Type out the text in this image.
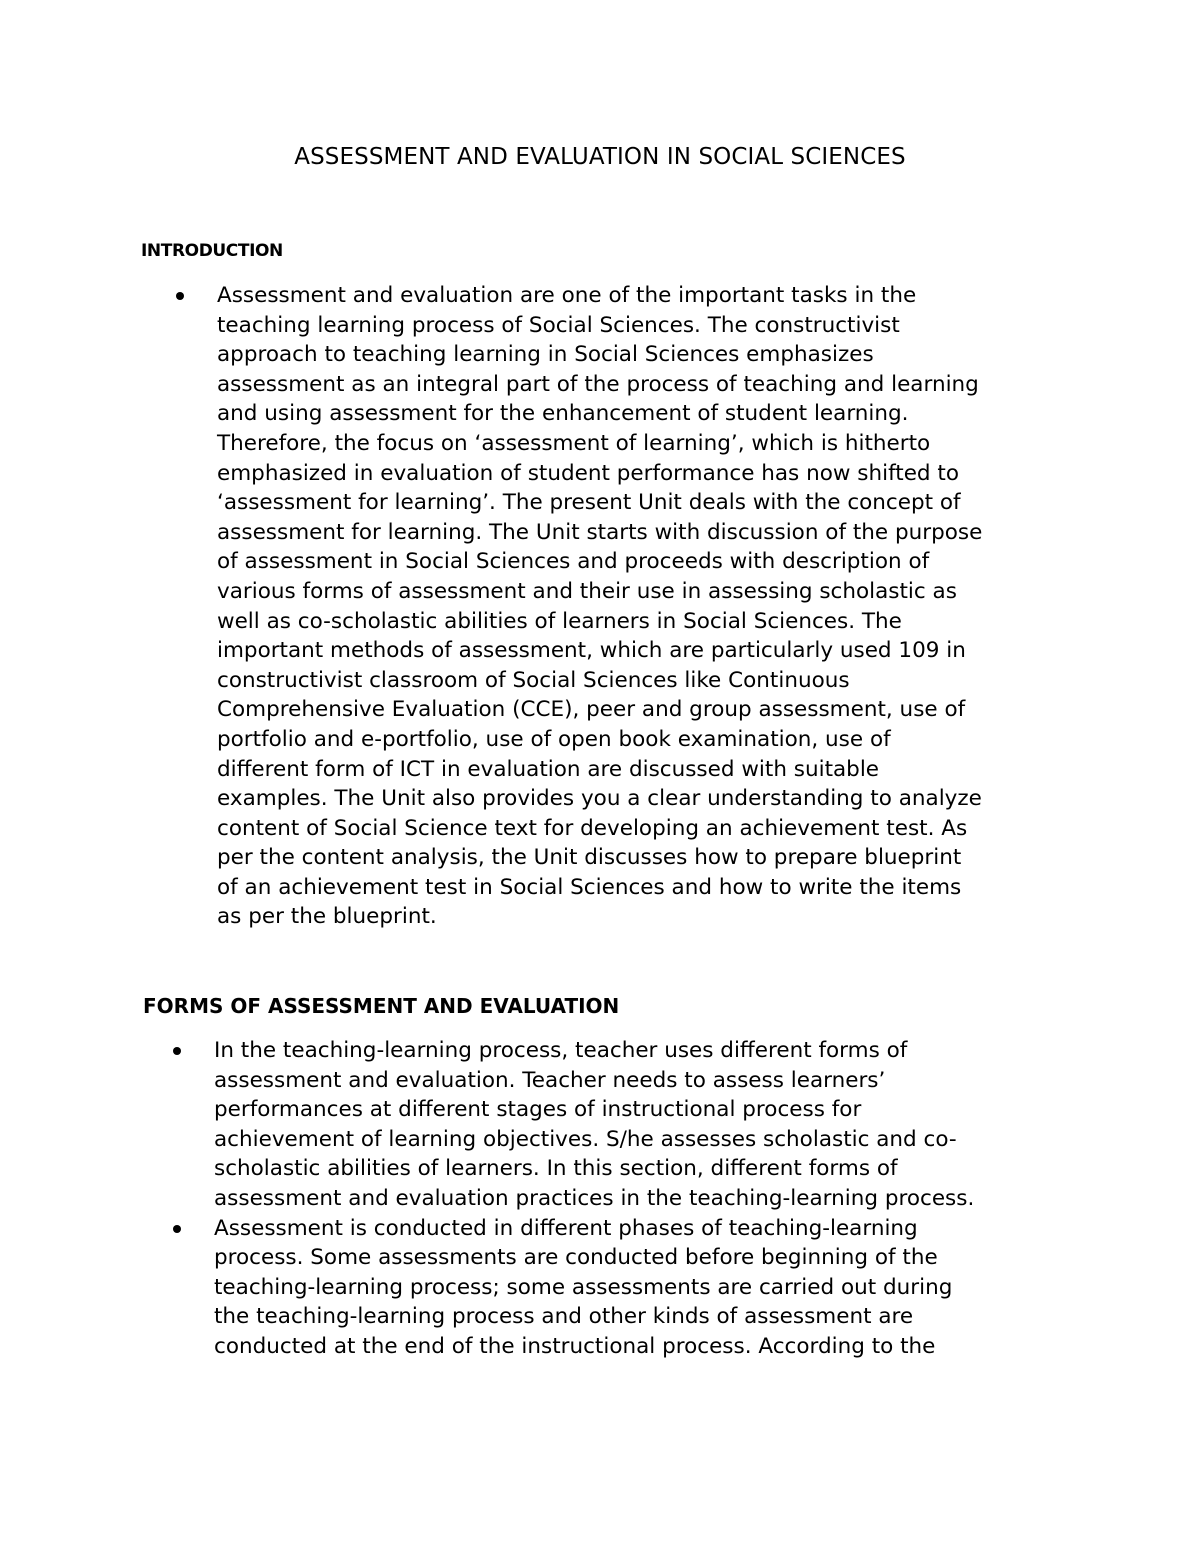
ASSESSMENT AND EVALUATION IN SOCIAL SCIENCES
INTRODUCTION
Assessment and evaluation are one of the important tasks in the
teaching learning process of Social Sciences. The constructivist
approach to teaching learning in Social Sciences emphasizes
assessment as an integral part of the process of teaching and learning
and using assessment for the enhancement of student learning.
Therefore, the focus on ‘assessment of learning’, which is hitherto
emphasized in evaluation of student performance has now shifted to
‘assessment for learning’. The present Unit deals with the concept of
assessment for learning. The Unit starts with discussion of the purpose
of assessment in Social Sciences and proceeds with description of
various forms of assessment and their use in assessing scholastic as
well as co-scholastic abilities of learners in Social Sciences. The
important methods of assessment, which are particularly used 109 in
constructivist classroom of Social Sciences like Continuous
Comprehensive Evaluation (CCE), peer and group assessment, use of
portfolio and e-portfolio, use of open book examination, use of
different form of ICT in evaluation are discussed with suitable
examples. The Unit also provides you a clear understanding to analyze
content of Social Science text for developing an achievement test. As
per the content analysis, the Unit discusses how to prepare blueprint
of an achievement test in Social Sciences and how to write the items
as per the blueprint.
FORMS OF ASSESSMENT AND EVALUATION
In the teaching-learning process, teacher uses different forms of
assessment and evaluation. Teacher needs to assess learners’
performances at different stages of instructional process for
achievement of learning objectives. S/he assesses scholastic and co-
scholastic abilities of learners. In this section, different forms of
assessment and evaluation practices in the teaching-learning process.
Assessment is conducted in different phases of teaching-learning
process. Some assessments are conducted before beginning of the
teaching-learning process; some assessments are carried out during
the teaching-learning process and other kinds of assessment are
conducted at the end of the instructional process. According to the
